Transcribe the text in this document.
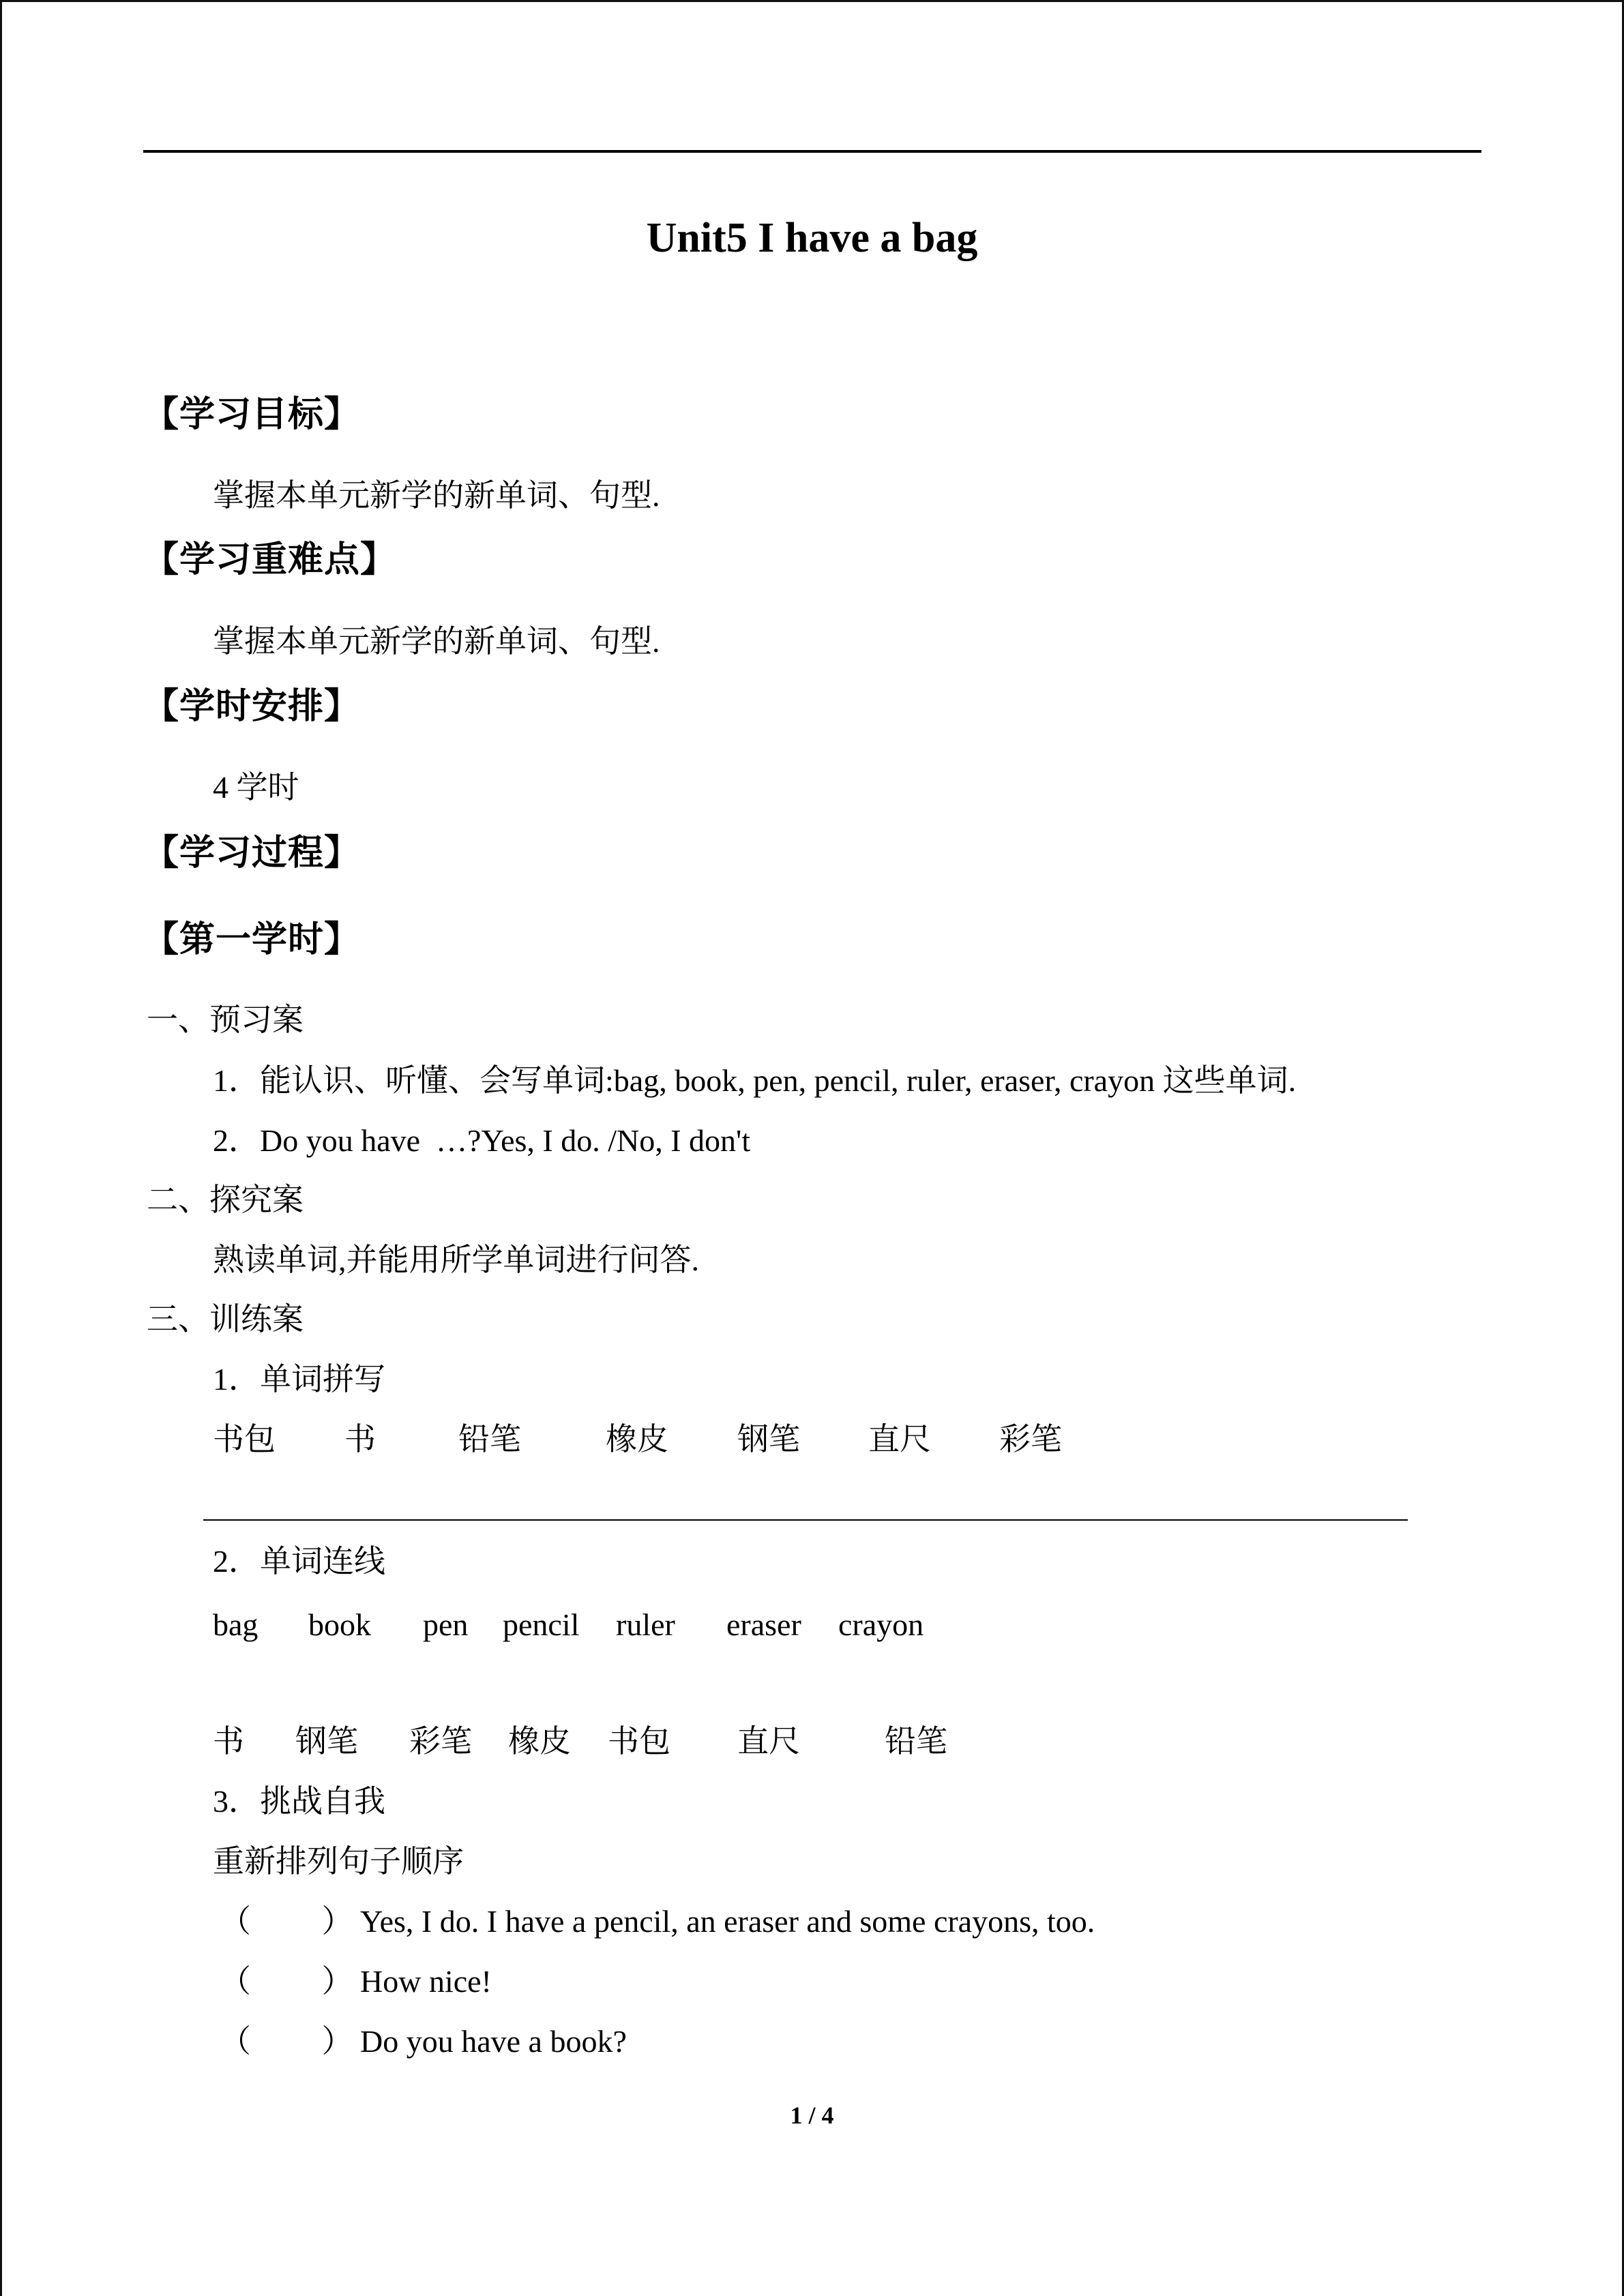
Unit5 I have a bag
【学习目标】
掌握本单元新学的新单词、句型.
【学习重难点】
掌握本单元新学的新单词、句型.
【学时安排】
4 学时
【学习过程】
【第一学时】
一、预习案
1．能认识、听懂、会写单词:bag, book, pen, pencil, ruler, eraser, crayon 这些单词.
2．Do you have  …?Yes, I do. /No, I don't
二、探究案
熟读单词,并能用所学单词进行问答.
三、训练案
1．单词拼写
书包 书	铅笔	橡皮 钢笔 直尺 彩笔
2．单词连线
bag book pen pencil ruler eraser crayon
书 钢笔 彩笔 橡皮 书包 直尺	铅笔
3．挑战自我
重新排列句子顺序
（         ） Yes, I do. I have a pencil, an eraser and some crayons, too.
（         ） How nice!
（         ） Do you have a book?
1 / 4
